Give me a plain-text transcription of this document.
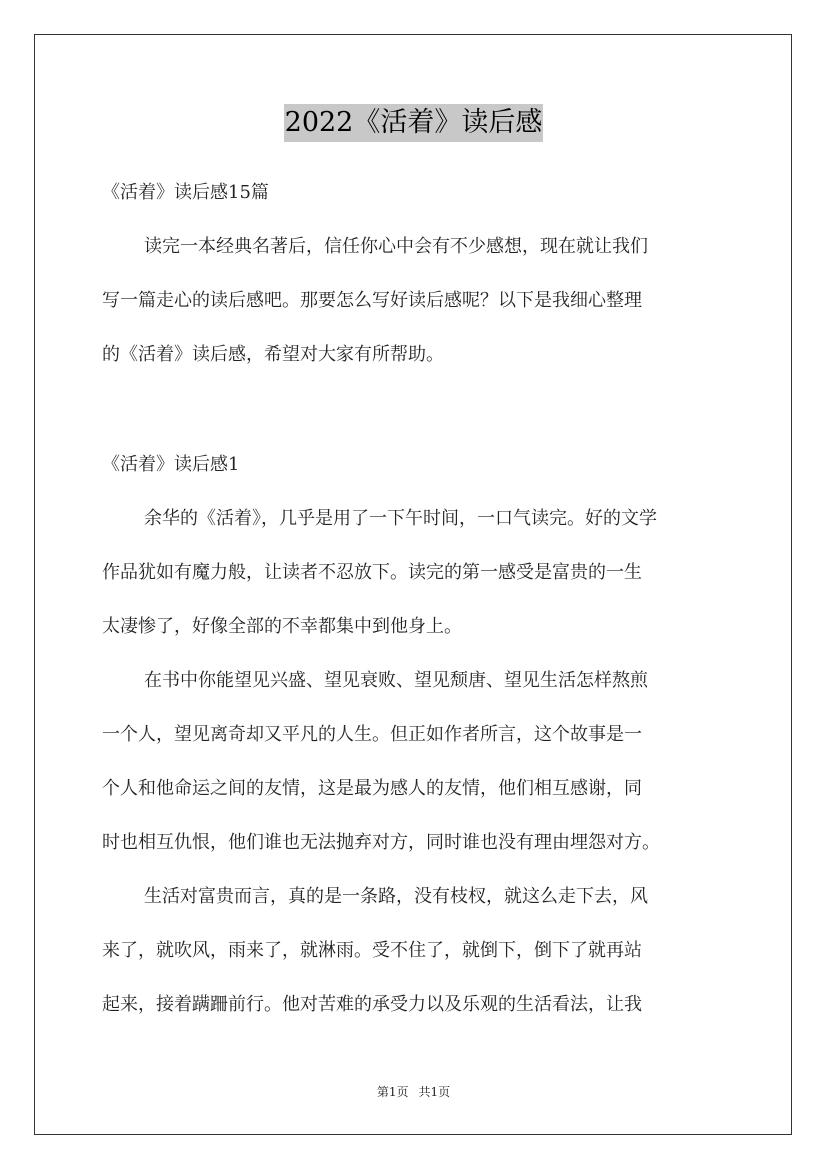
2022《活着》读后感
《活着》读后感15篇
读完一本经典名著后，信任你心中会有不少感想，现在就让我们
写一篇走心的读后感吧。那要怎么写好读后感呢？以下是我细心整理
的《活着》读后感，希望对大家有所帮助。
《活着》读后感1
余华的《活着》，几乎是用了一下午时间，一口气读完。好的文学
作品犹如有魔力般，让读者不忍放下。读完的第一感受是富贵的一生
太凄惨了，好像全部的不幸都集中到他身上。
在书中你能望见兴盛、望见衰败、望见颓唐、望见生活怎样熬煎
一个人，望见离奇却又平凡的人生。但正如作者所言，这个故事是一
个人和他命运之间的友情，这是最为感人的友情，他们相互感谢，同
时也相互仇恨，他们谁也无法抛弃对方，同时谁也没有理由埋怨对方。
生活对富贵而言，真的是一条路，没有枝杈，就这么走下去，风
来了，就吹风，雨来了，就淋雨。受不住了，就倒下，倒下了就再站
起来，接着蹒跚前行。他对苦难的承受力以及乐观的生活看法，让我
第1页 共1页
